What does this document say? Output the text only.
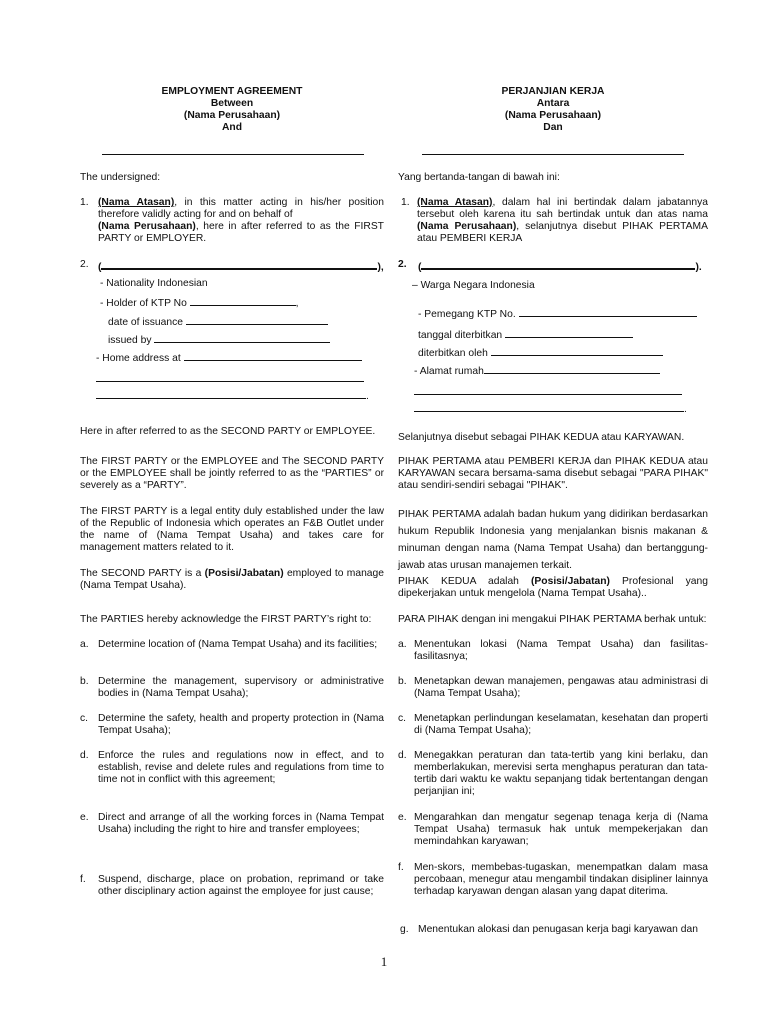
EMPLOYMENT AGREEMENT
Between
(Nama Perusahaan)
And
The undersigned:
1. (Nama Atasan), in this matter acting in his/her position therefore validly acting for and on behalf of
(Nama Perusahaan), here in after referred to as the FIRST PARTY or EMPLOYER.
2. (	),
- Nationality Indonesian
- Holder of KTP No	,
date of issuance
issued by
- Home address at
.
Here in after referred to as the SECOND PARTY or EMPLOYEE.
The FIRST PARTY or the EMPLOYEE and The SECOND PARTY or the EMPLOYEE shall be jointly referred to as the “PARTIES” or severely as a “PARTY”.
The FIRST PARTY is a legal entity duly established under the law of the Republic of Indonesia which operates an F&B Outlet under the name of (Nama Tempat Usaha) and takes care for management matters related to it.
The SECOND PARTY is a (Posisi/Jabatan) employed to manage (Nama Tempat Usaha).
The PARTIES hereby acknowledge the FIRST PARTY’s right to:
a. Determine location of (Nama Tempat Usaha) and its facilities;
b. Determine the management, supervisory or administrative bodies in (Nama Tempat Usaha);
c. Determine the safety, health and property protection in (Nama Tempat Usaha);
d. Enforce the rules and regulations now in effect, and to establish, revise and delete rules and regulations from time to time not in conflict with this agreement;
e. Direct and arrange of all the working forces in (Nama Tempat Usaha) including the right to hire and transfer employees;
f. Suspend, discharge, place on probation, reprimand or take other disciplinary action against the employee for just cause;
PERJANJIAN KERJA
Antara
(Nama Perusahaan)
Dan
Yang bertanda-tangan di bawah ini:
1. (Nama Atasan), dalam hal ini bertindak dalam jabatannya tersebut oleh karena itu sah bertindak untuk dan atas nama (Nama Perusahaan), selanjutnya disebut PIHAK PERTAMA atau PEMBERI KERJA
2. (	).
– Warga Negara Indonesia
- Pemegang KTP No.
tanggal diterbitkan
diterbitkan oleh
- Alamat rumah
.
Selanjutnya disebut sebagai PIHAK KEDUA atau KARYAWAN.
PIHAK PERTAMA atau PEMBERI KERJA dan PIHAK KEDUA atau KARYAWAN secara bersama-sama disebut sebagai "PARA PIHAK" atau sendiri-sendiri sebagai "PIHAK".
PIHAK PERTAMA adalah badan hukum yang didirikan berdasarkan hukum Republik Indonesia yang menjalankan bisnis makanan & minuman dengan nama (Nama Tempat Usaha) dan bertanggung-jawab atas urusan manajemen terkait.
PIHAK KEDUA adalah (Posisi/Jabatan) Profesional yang dipekerjakan untuk mengelola (Nama Tempat Usaha)..
PARA PIHAK dengan ini mengakui PIHAK PERTAMA berhak untuk:
a. Menentukan lokasi (Nama Tempat Usaha) dan fasilitas-fasilitasnya;
b. Menetapkan dewan manajemen, pengawas atau administrasi di (Nama Tempat Usaha);
c. Menetapkan perlindungan keselamatan, kesehatan dan properti di (Nama Tempat Usaha);
d. Menegakkan peraturan dan tata-tertib yang kini berlaku, dan memberlakukan, merevisi serta menghapus peraturan dan tata-tertib dari waktu ke waktu sepanjang tidak bertentangan dengan perjanjian ini;
e. Mengarahkan dan mengatur segenap tenaga kerja di (Nama Tempat Usaha) termasuk hak untuk mempekerjakan dan memindahkan karyawan;
f. Men-skors, membebas-tugaskan, menempatkan dalam masa percobaan, menegur atau mengambil tindakan disipliner lainnya terhadap karyawan dengan alasan yang dapat diterima.
g. Menentukan alokasi dan penugasan kerja bagi karyawan dan
1
